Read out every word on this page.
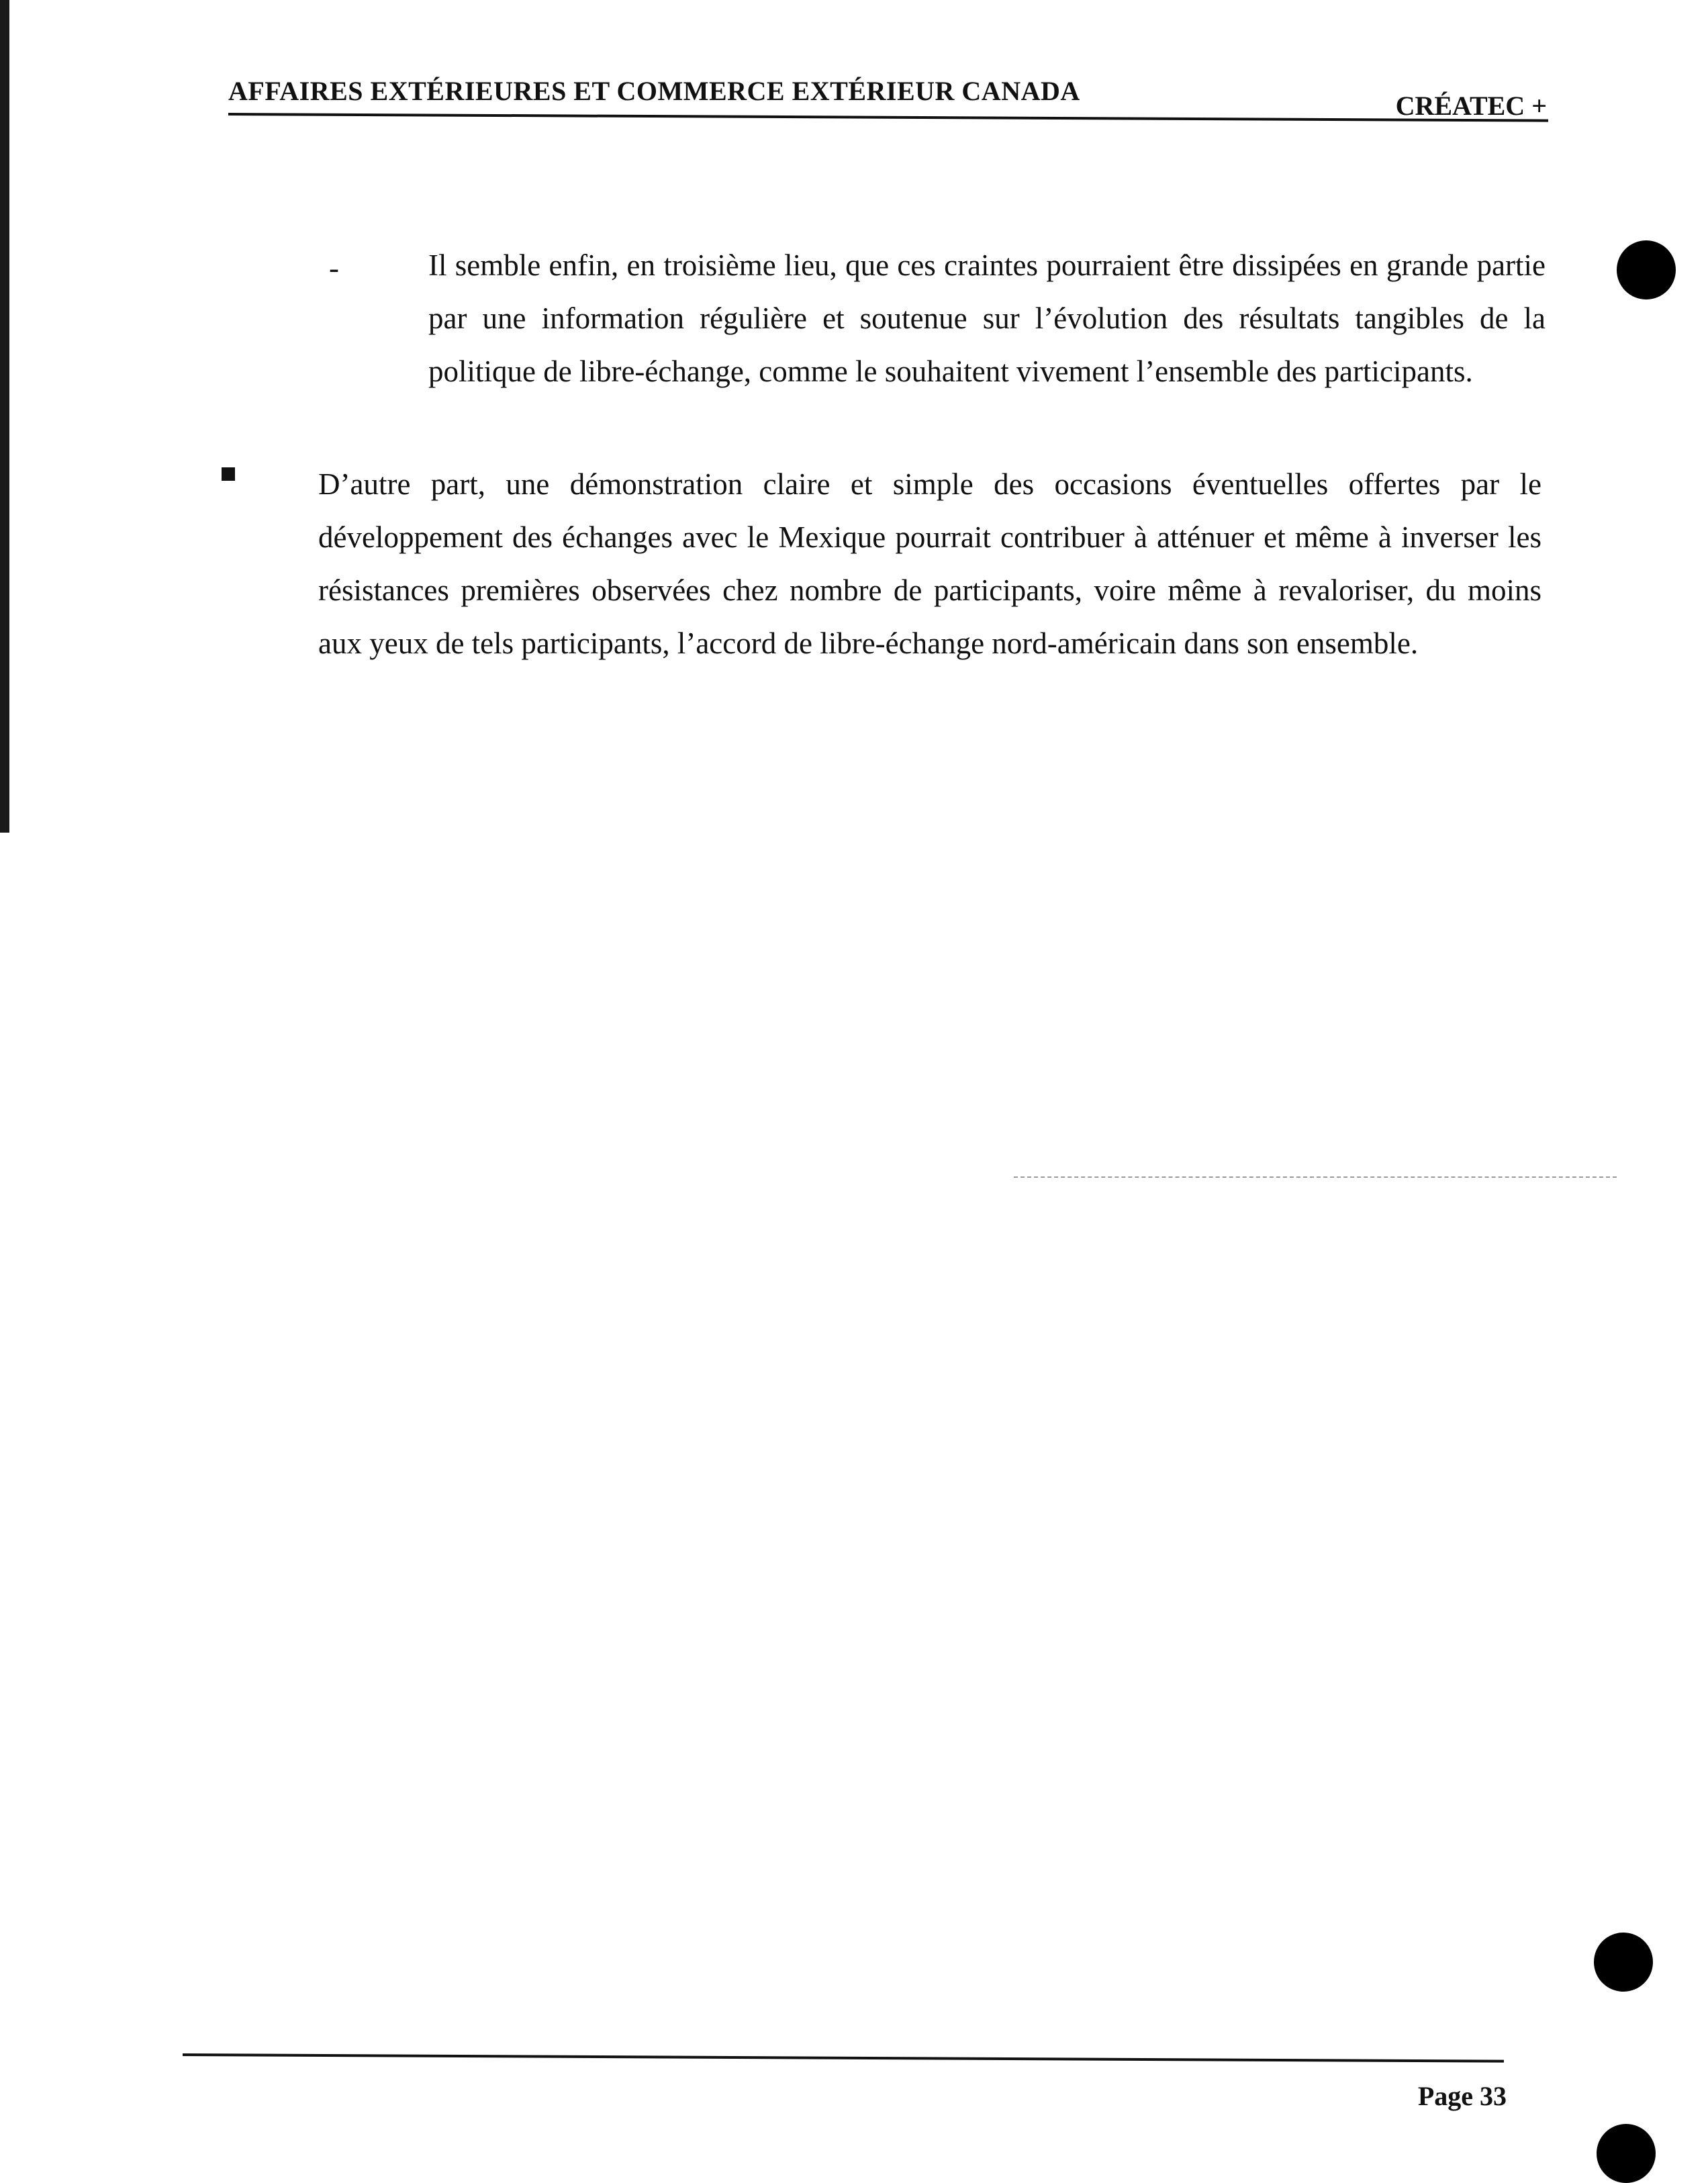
AFFAIRES EXTÉRIEURES ET COMMERCE EXTÉRIEUR CANADA	CRÉATEC +
-	Il semble enfin, en troisième lieu, que ces craintes pourraient être dissipées en grande partie par une information régulière et soutenue sur l’évolution des résultats tangibles de la politique de libre-échange, comme le souhaitent vivement l’ensemble des participants.
D’autre part, une démonstration claire et simple des occasions éventuelles offertes par le développement des échanges avec le Mexique pourrait contribuer à atténuer et même à inverser les résistances premières observées chez nombre de participants, voire même à revaloriser, du moins aux yeux de tels participants, l’accord de libre-échange nord-américain dans son ensemble.
Page 33
